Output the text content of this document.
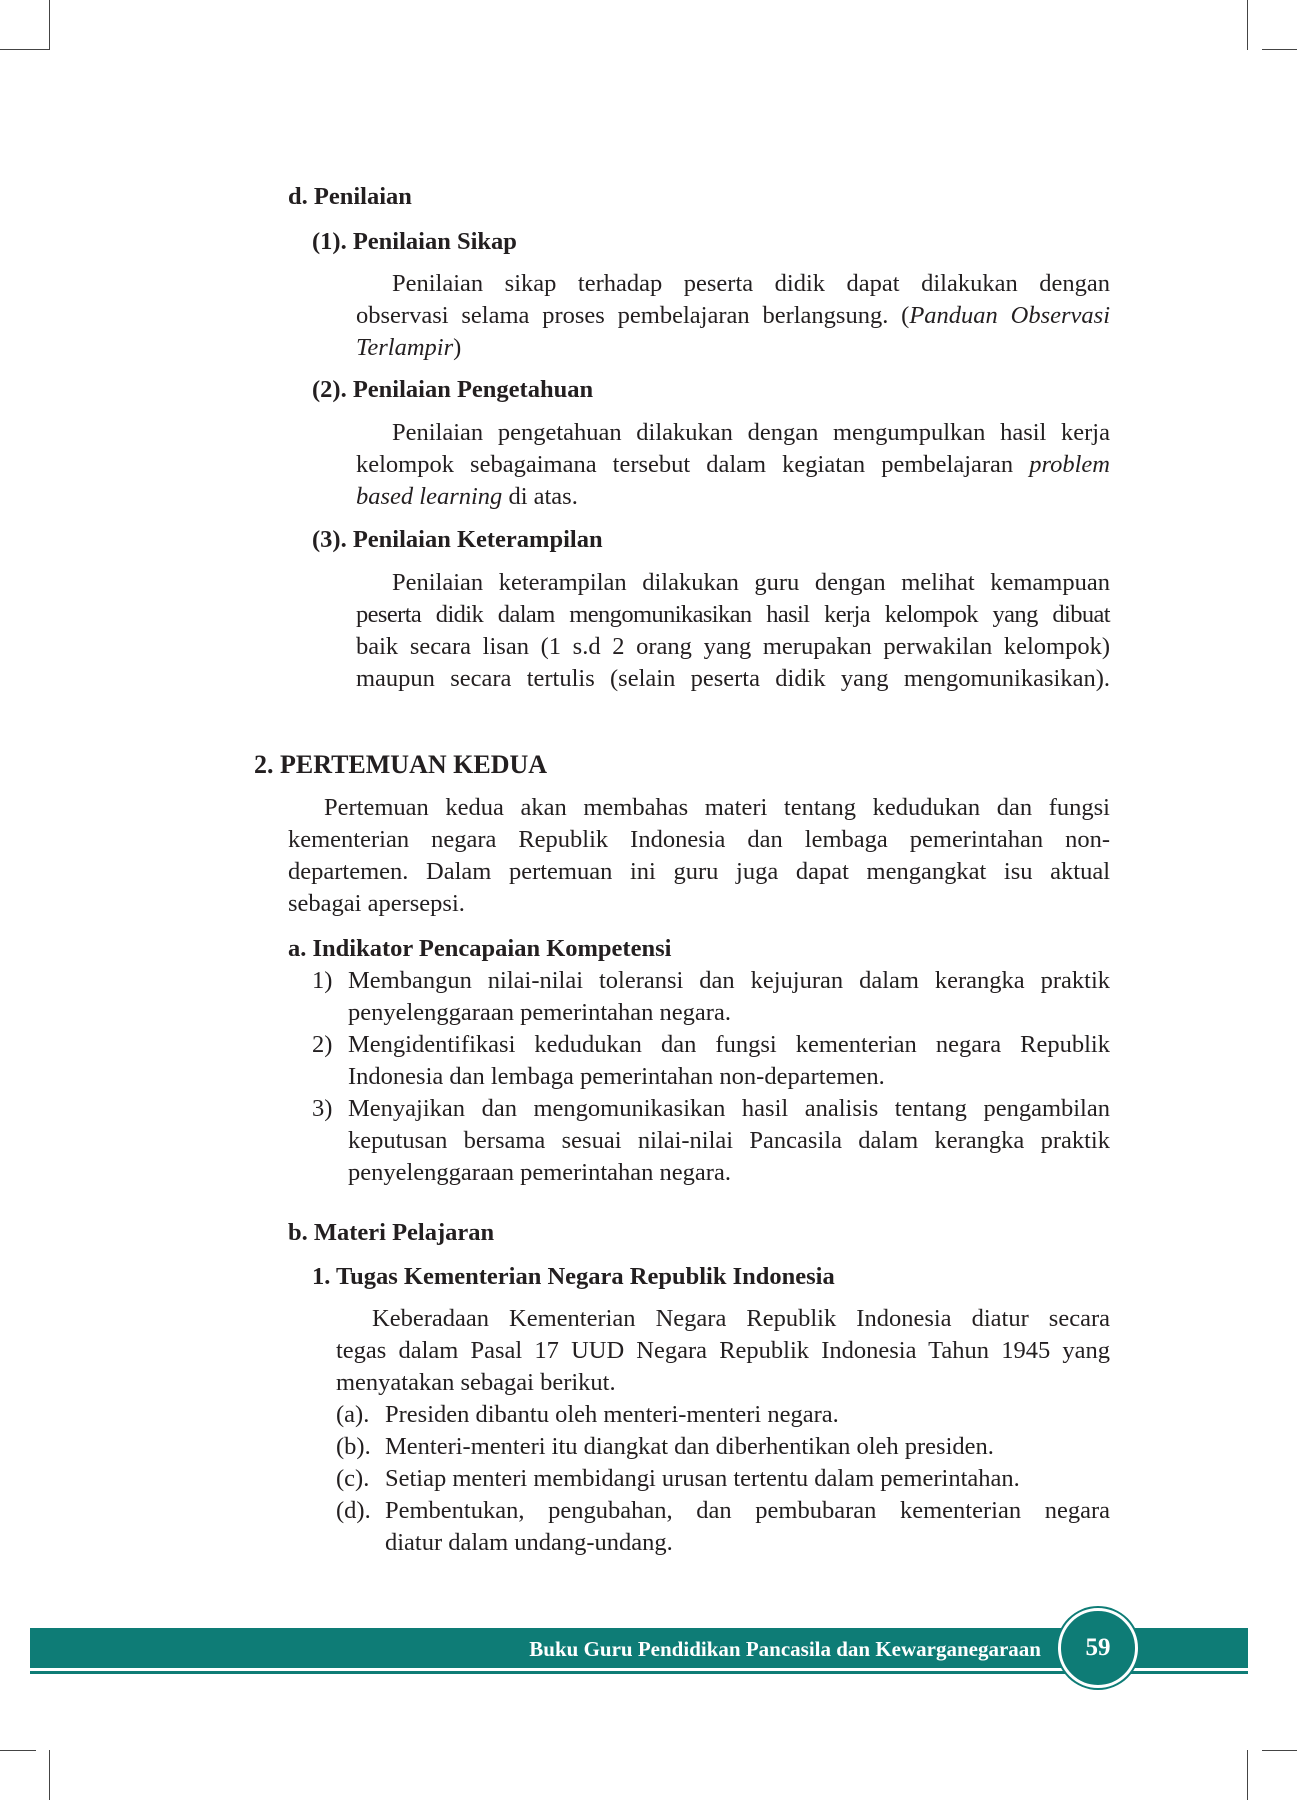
d. Penilaian
(1). Penilaian Sikap
Penilaian sikap terhadap peserta didik dapat dilakukan dengan
observasi selama proses pembelajaran berlangsung. (Panduan Observasi
Terlampir)
(2). Penilaian Pengetahuan
Penilaian pengetahuan dilakukan dengan mengumpulkan hasil kerja
kelompok sebagaimana tersebut dalam kegiatan pembelajaran problem
based learning di atas.
(3). Penilaian Keterampilan
Penilaian keterampilan dilakukan guru dengan melihat kemampuan
peserta didik dalam mengomunikasikan hasil kerja kelompok yang dibuat
baik secara lisan (1 s.d 2 orang yang merupakan perwakilan kelompok)
maupun secara tertulis (selain peserta didik yang mengomunikasikan).
2. PERTEMUAN KEDUA
Pertemuan kedua akan membahas materi tentang kedudukan dan fungsi
kementerian negara Republik Indonesia dan lembaga pemerintahan non-
departemen. Dalam pertemuan ini guru juga dapat mengangkat isu aktual
sebagai apersepsi.
a. Indikator Pencapaian Kompetensi
1) Membangun nilai-nilai toleransi dan kejujuran dalam kerangka praktik
penyelenggaraan pemerintahan negara.
2) Mengidentifikasi kedudukan dan fungsi kementerian negara Republik
Indonesia dan lembaga pemerintahan non-departemen.
3) Menyajikan dan mengomunikasikan hasil analisis tentang pengambilan
keputusan bersama sesuai nilai-nilai Pancasila dalam kerangka praktik
penyelenggaraan pemerintahan negara.
b. Materi Pelajaran
1. Tugas Kementerian Negara Republik Indonesia
Keberadaan Kementerian Negara Republik Indonesia diatur secara
tegas dalam Pasal 17 UUD Negara Republik Indonesia Tahun 1945 yang
menyatakan sebagai berikut.
(a). Presiden dibantu oleh menteri-menteri negara.
(b). Menteri-menteri itu diangkat dan diberhentikan oleh presiden.
(c). Setiap menteri membidangi urusan tertentu dalam pemerintahan.
(d). Pembentukan, pengubahan, dan pembubaran kementerian negara
diatur dalam undang-undang.
Buku Guru Pendidikan Pancasila dan Kewarganegaraan	59
